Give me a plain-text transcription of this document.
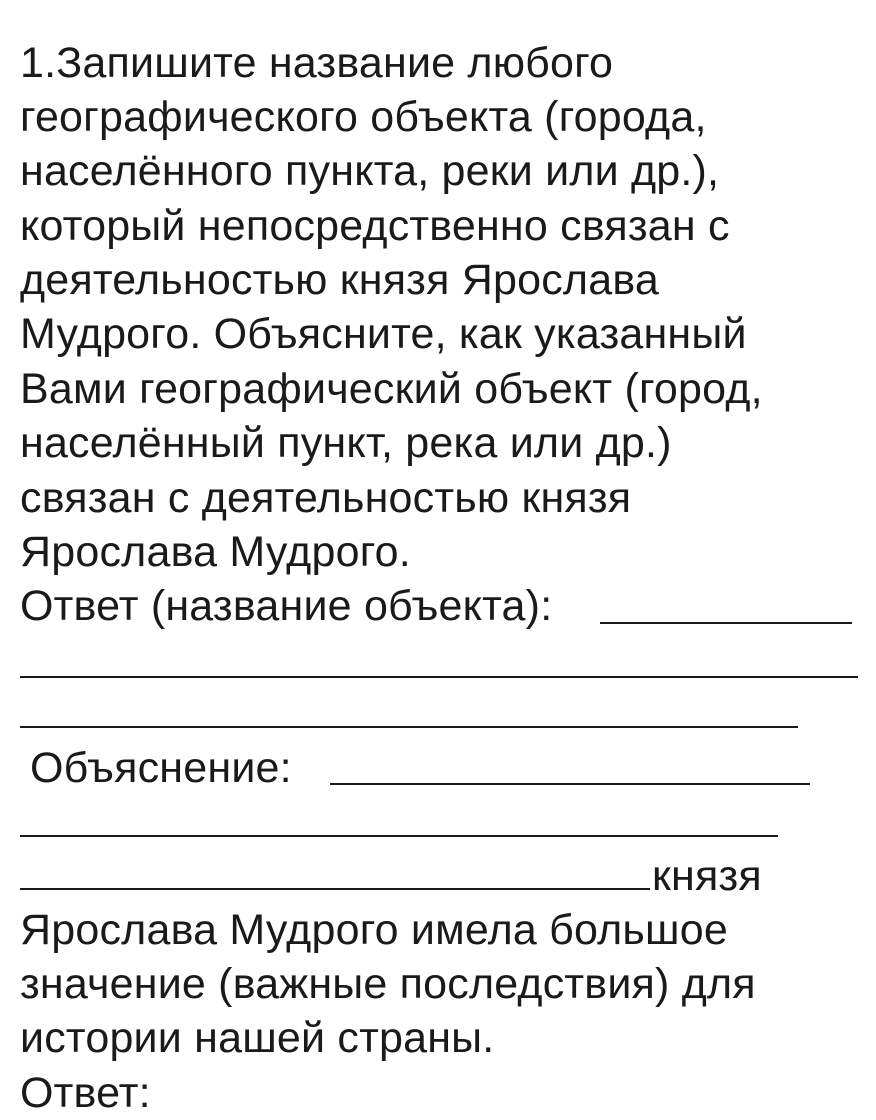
1.Запишите название любого
географического объекта (города,
населённого пункта, реки или др.),
который непосредственно связан с
деятельностью князя Ярослава
Мудрого. Объясните, как указанный
Вами географический объект (город,
населённый пункт, река или др.)
связан с деятельностью князя
Ярослава Мудрого.
Ответ (название объекта):
Объяснение:
князя
Ярослава Мудрого имела большое
значение (важные последствия) для
истории нашей страны.
Ответ:
